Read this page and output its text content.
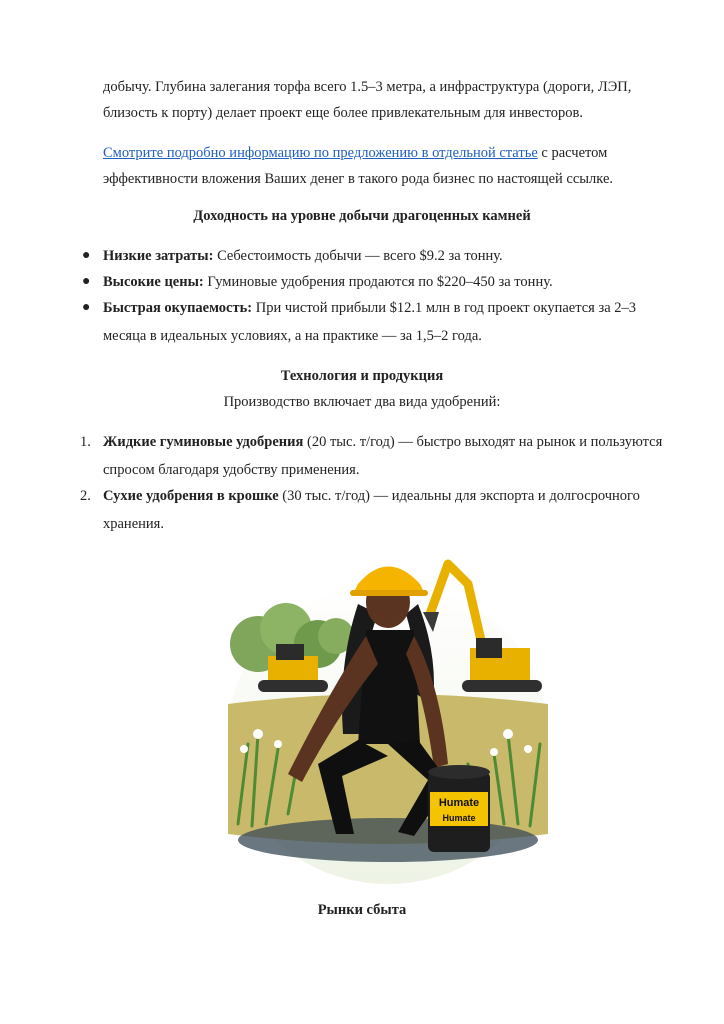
добычу. Глубина залегания торфа всего 1.5–3 метра, а инфраструктура (дороги, ЛЭП, близость к порту) делает проект еще более привлекательным для инвесторов.

Смотрите подробно информацию по предложению в отдельной статье с расчетом эффективности вложения Ваших денег в такого рода бизнес по настоящей ссылке.

Доходность на уровне добычи драгоценных камней

● Низкие затраты: Себестоимость добычи — всего $9.2 за тонну.

● Высокие цены: Гуминовые удобрения продаются по $220–450 за тонну.

● Быстрая окупаемость: При чистой прибыли $12.1 млн в год проект окупается за 2–3 месяца в идеальных условиях, а на практике — за 1,5–2 года.

Технология и продукция

Производство включает два вида удобрений:

1. Жидкие гуминовые удобрения (20 тыс. т/год) — быстро выходят на рынок и пользуются спросом благодаря удобству применения.

2. Сухие удобрения в крошке (30 тыс. т/год) — идеальны для экспорта и долгосрочного хранения.

Humate
Humate

Рынки сбыта
